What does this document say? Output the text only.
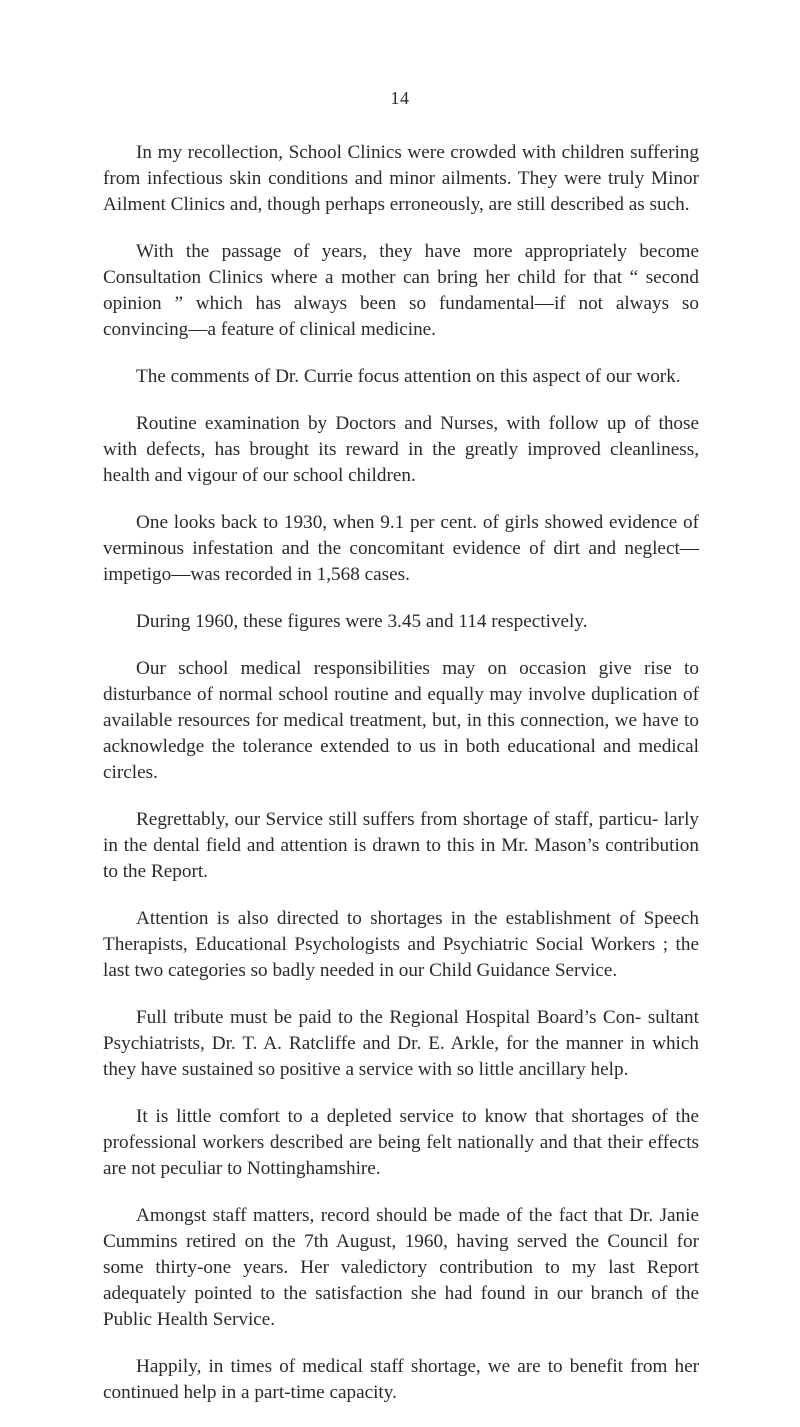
14

In my recollection, School Clinics were crowded with children suffering from infectious skin conditions and minor ailments. They were truly Minor Ailment Clinics and, though perhaps erroneously, are still described as such.

With the passage of years, they have more appropriately become Consultation Clinics where a mother can bring her child for that “ second opinion ” which has always been so fundamental—if not always so convincing—a feature of clinical medicine.

The comments of Dr. Currie focus attention on this aspect of our work.

Routine examination by Doctors and Nurses, with follow up of those with defects, has brought its reward in the greatly improved cleanliness, health and vigour of our school children.

One looks back to 1930, when 9.1 per cent. of girls showed evidence of verminous infestation and the concomitant evidence of dirt and neglect—impetigo—was recorded in 1,568 cases.

During 1960, these figures were 3.45 and 114 respectively.

Our school medical responsibilities may on occasion give rise to disturbance of normal school routine and equally may involve duplication of available resources for medical treatment, but, in this connection, we have to acknowledge the tolerance extended to us in both educational and medical circles.

Regrettably, our Service still suffers from shortage of staff, particu- larly in the dental field and attention is drawn to this in Mr. Mason’s contribution to the Report.

Attention is also directed to shortages in the establishment of Speech Therapists, Educational Psychologists and Psychiatric Social Workers ; the last two categories so badly needed in our Child Guidance Service.

Full tribute must be paid to the Regional Hospital Board’s Con- sultant Psychiatrists, Dr. T. A. Ratcliffe and Dr. E. Arkle, for the manner in which they have sustained so positive a service with so little ancillary help.

It is little comfort to a depleted service to know that shortages of the professional workers described are being felt nationally and that their effects are not peculiar to Nottinghamshire.

Amongst staff matters, record should be made of the fact that Dr. Janie Cummins retired on the 7th August, 1960, having served the Council for some thirty-one years. Her valedictory contribution to my last Report adequately pointed to the satisfaction she had found in our branch of the Public Health Service.

Happily, in times of medical staff shortage, we are to benefit from her continued help in a part-time capacity.
